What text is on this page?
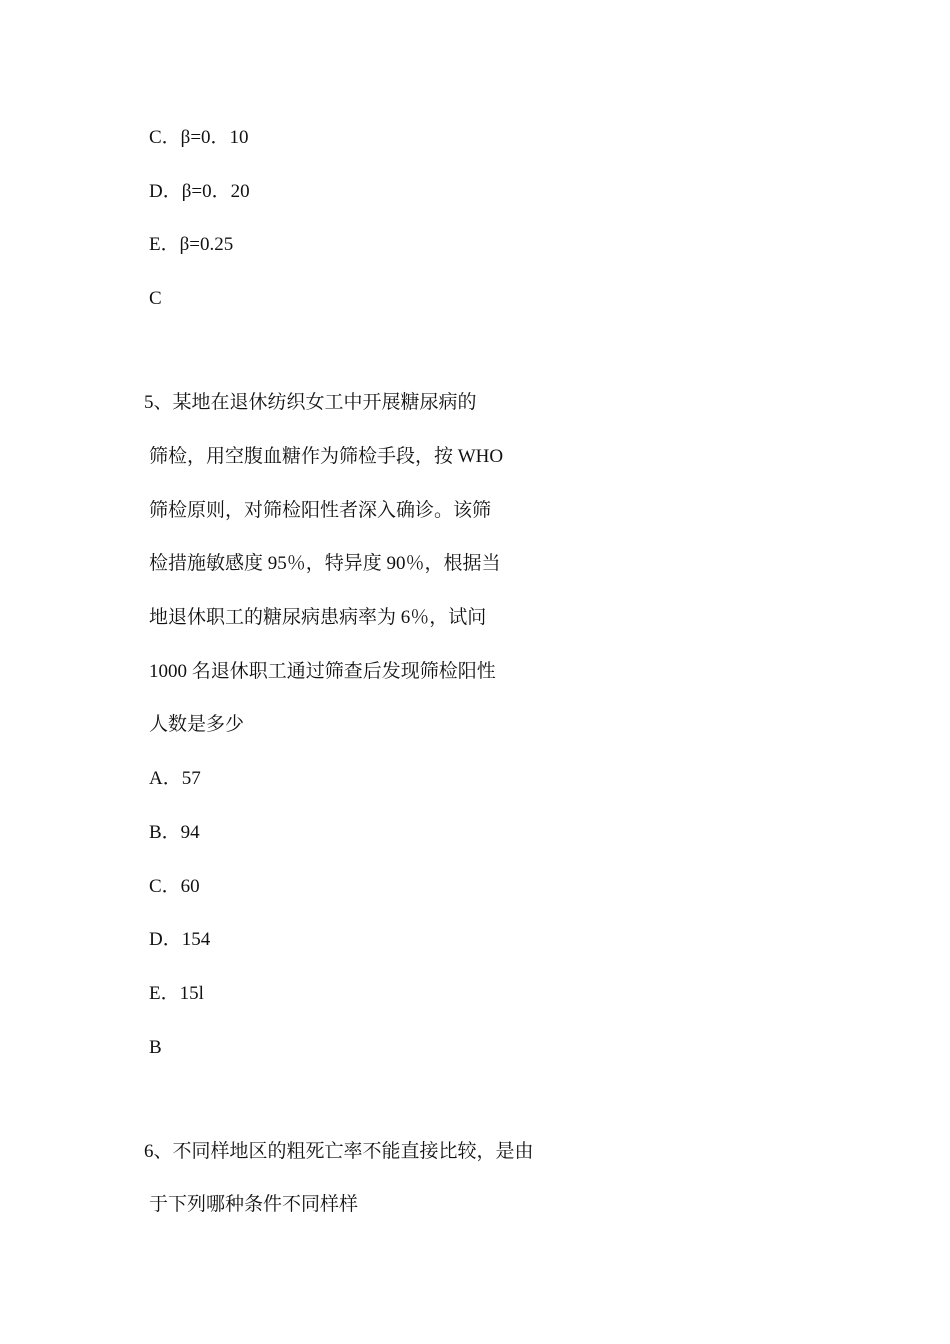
C．β=0．10
D．β=0．20
E．β=0.25
C
5、某地在退休纺织女工中开展糖尿病的
筛检，用空腹血糖作为筛检手段，按 WHO
筛检原则，对筛检阳性者深入确诊。该筛
检措施敏感度 95％，特异度 90％，根据当
地退休职工的糖尿病患病率为 6％，试问
1000 名退休职工通过筛查后发现筛检阳性
人数是多少
A．57
B．94
C．60
D．154
E．15l
B
6、不同样地区的粗死亡率不能直接比较，是由
于下列哪种条件不同样样
